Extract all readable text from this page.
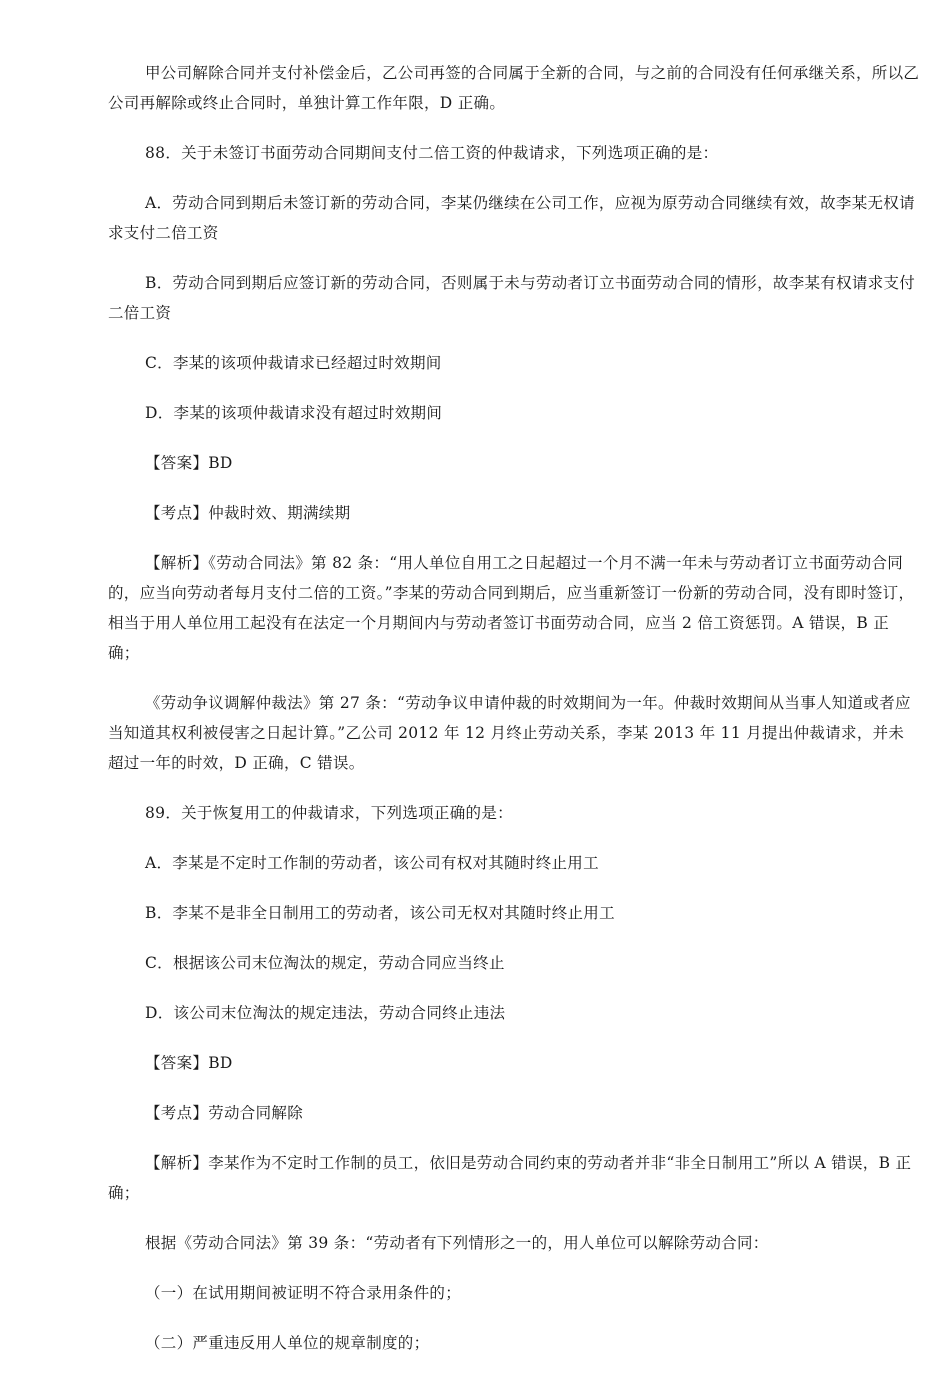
甲公司解除合同并支付补偿金后，乙公司再签的合同属于全新的合同，与之前的合同没有任何承继关系，所以乙公司再解除或终止合同时，单独计算工作年限，D 正确。

88．关于未签订书面劳动合同期间支付二倍工资的仲裁请求，下列选项正确的是：

A．劳动合同到期后未签订新的劳动合同，李某仍继续在公司工作，应视为原劳动合同继续有效，故李某无权请求支付二倍工资

B．劳动合同到期后应签订新的劳动合同，否则属于未与劳动者订立书面劳动合同的情形，故李某有权请求支付二倍工资

C．李某的该项仲裁请求已经超过时效期间

D．李某的该项仲裁请求没有超过时效期间

【答案】BD

【考点】仲裁时效、期满续期

【解析】《劳动合同法》第 82 条：“用人单位自用工之日起超过一个月不满一年未与劳动者订立书面劳动合同的，应当向劳动者每月支付二倍的工资。”李某的劳动合同到期后，应当重新签订一份新的劳动合同，没有即时签订，相当于用人单位用工起没有在法定一个月期间内与劳动者签订书面劳动合同，应当 2 倍工资惩罚。A 错误，B 正确；

《劳动争议调解仲裁法》第 27 条：“劳动争议申请仲裁的时效期间为一年。仲裁时效期间从当事人知道或者应当知道其权利被侵害之日起计算。”乙公司 2012 年 12 月终止劳动关系，李某 2013 年 11 月提出仲裁请求，并未超过一年的时效，D 正确，C 错误。

89．关于恢复用工的仲裁请求，下列选项正确的是：

A．李某是不定时工作制的劳动者，该公司有权对其随时终止用工

B．李某不是非全日制用工的劳动者，该公司无权对其随时终止用工

C．根据该公司末位淘汰的规定，劳动合同应当终止

D．该公司末位淘汰的规定违法，劳动合同终止违法

【答案】BD

【考点】劳动合同解除

【解析】李某作为不定时工作制的员工，依旧是劳动合同约束的劳动者并非“非全日制用工”所以 A 错误，B 正确；

根据《劳动合同法》第 39 条：“劳动者有下列情形之一的，用人单位可以解除劳动合同：

（一）在试用期间被证明不符合录用条件的；

（二）严重违反用人单位的规章制度的；
